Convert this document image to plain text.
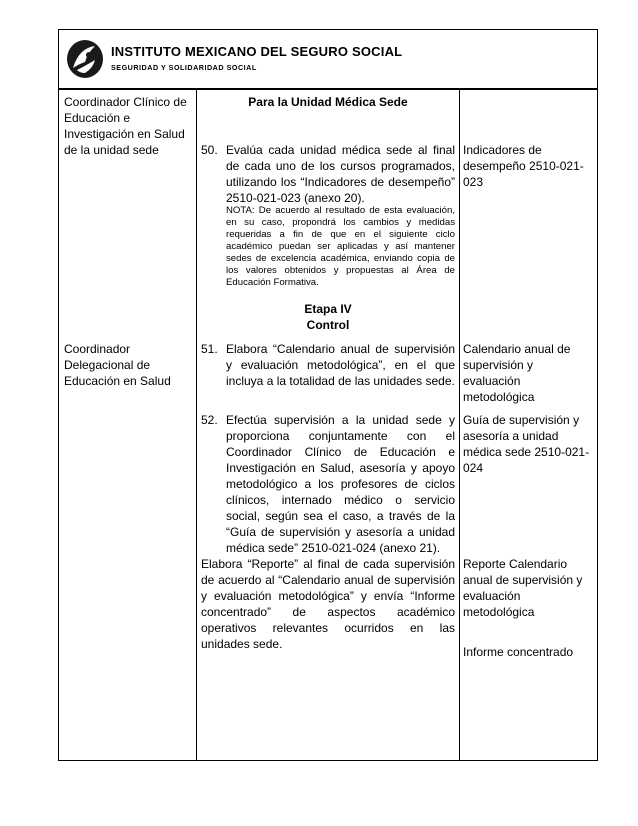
INSTITUTO MEXICANO DEL SEGURO SOCIAL
SEGURIDAD Y SOLIDARIDAD SOCIAL
Coordinador Clínico de Educación e Investigación en Salud de la unidad sede
Para la Unidad Médica Sede
50. Evalúa cada unidad médica sede al final de cada uno de los cursos programados, utilizando los “Indicadores de desempeño” 2510-021-023 (anexo 20).
NOTA: De acuerdo al resultado de esta evaluación, en su caso, propondrá los cambios y medidas requeridas a fin de que en el siguiente ciclo académico puedan ser aplicadas y así mantener sedes de excelencia académica, enviando copia de los valores obtenidos y propuestas al Área de Educación Formativa.
Indicadores de desempeño 2510-021-023
Etapa IV
Control
Coordinador Delegacional de Educación en Salud
51. Elabora “Calendario anual de supervisión y evaluación metodológica”, en el que incluya a la totalidad de las unidades sede.
Calendario anual de supervisión y evaluación metodológica
52. Efectúa supervisión a la unidad sede y proporciona conjuntamente con el Coordinador Clínico de Educación e Investigación en Salud, asesoría y apoyo metodológico a los profesores de ciclos clínicos, internado médico o servicio social, según sea el caso, a través de la “Guía de supervisión y asesoría a unidad médica sede” 2510-021-024 (anexo 21).
Guía de supervisión y asesoría a unidad médica sede 2510-021-024
Elabora “Reporte” al final de cada supervisión de acuerdo al “Calendario anual de supervisión y evaluación metodológica” y envía “Informe concentrado” de aspectos académico operativos relevantes ocurridos en las unidades sede.
Reporte Calendario anual de supervisión y evaluación metodológica
Informe concentrado
